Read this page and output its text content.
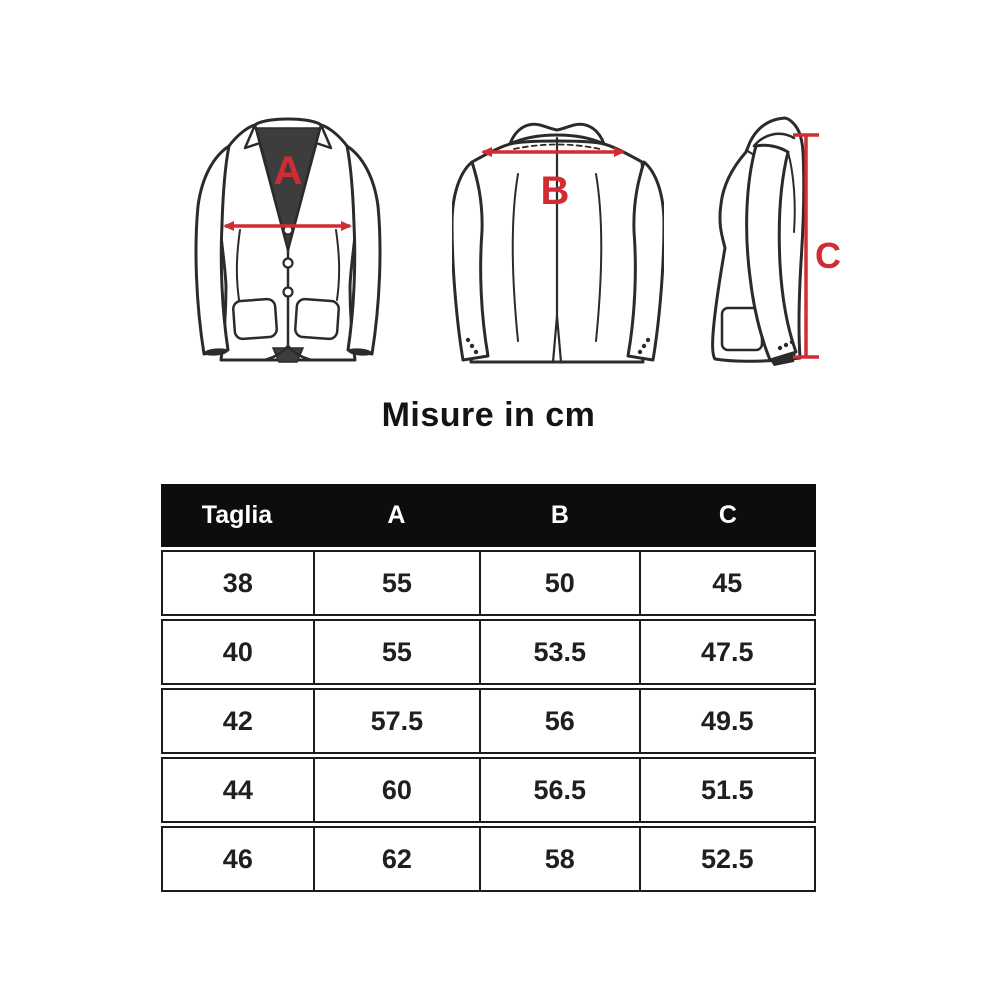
A	B
C
Misure in cm
Taglia	A	B	C
38	55	50	45
40	55	53.5	47.5
42	57.5	56	49.5
44	60	56.5	51.5
46	62	58	52.5
